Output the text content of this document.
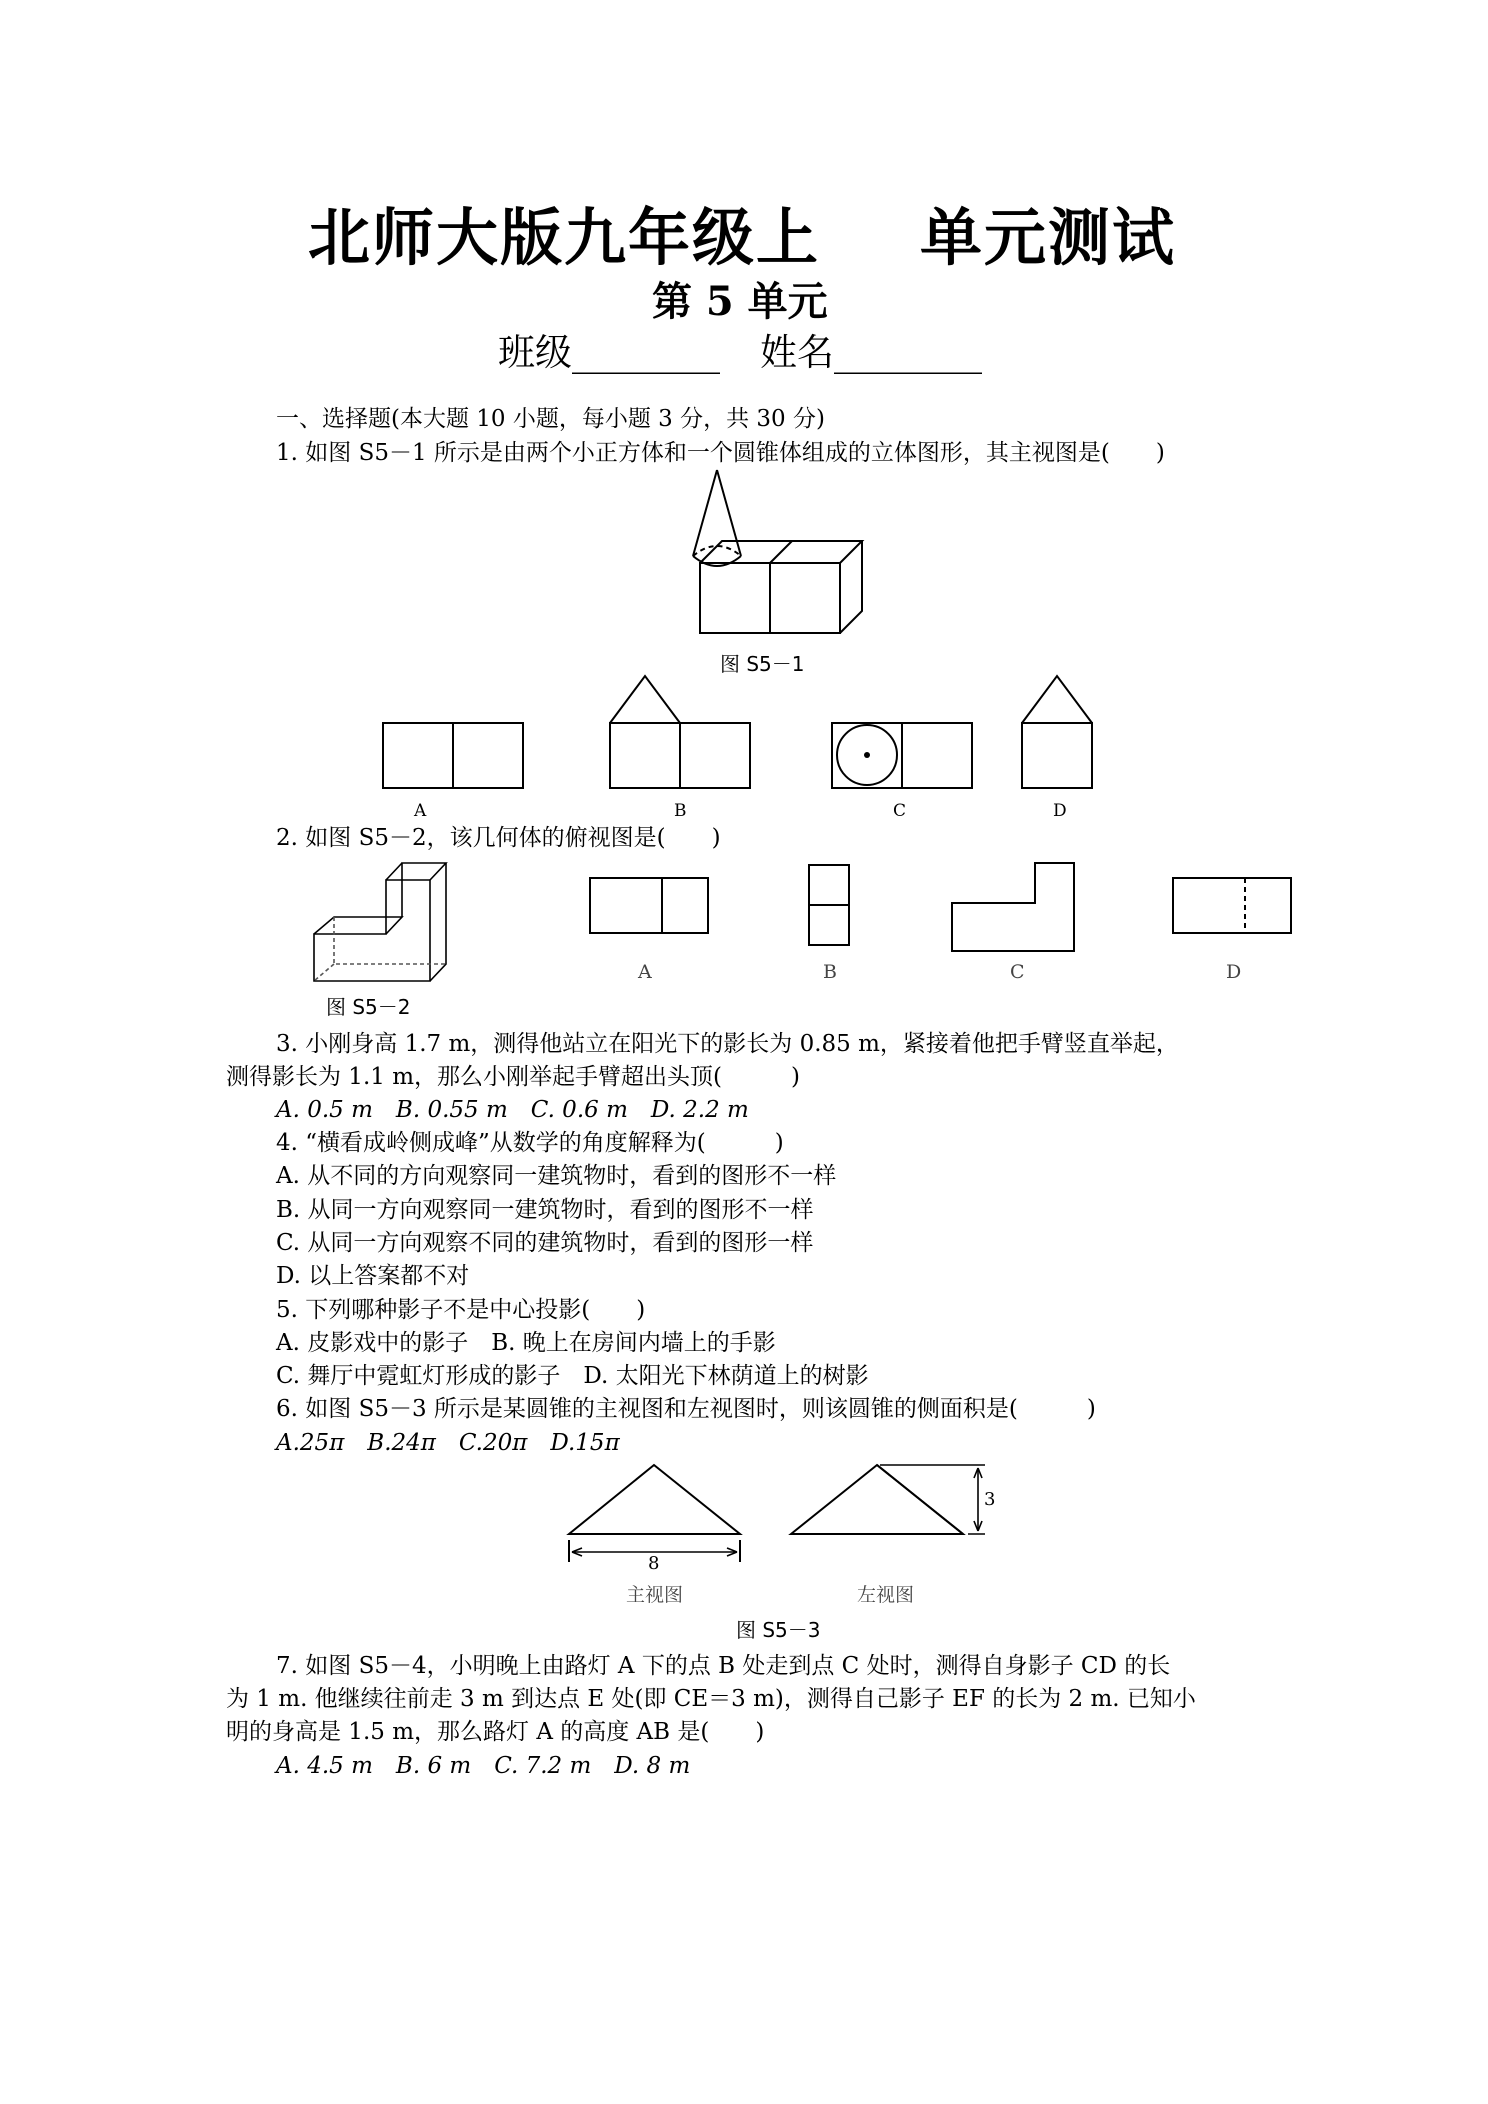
北师大版九年级上 单元测试
第 5 单元
班级________ 姓名________
一、选择题(本大题 10 小题，每小题 3 分，共 30 分)
1. 如图 S5－1 所示是由两个小正方体和一个圆锥体组成的立体图形，其主视图是(　　)
图 S5－1
A	B	C	D
2. 如图 S5－2，该几何体的俯视图是(　　)
图 S5－2
A	B	C	D
3. 小刚身高 1.7 m，测得他站立在阳光下的影长为 0.85 m，紧接着他把手臂竖直举起，
测得影长为 1.1 m，那么小刚举起手臂超出头顶(　　　)
A. 0.5 m　B. 0.55 m　C. 0.6 m　D. 2.2 m
4. “横看成岭侧成峰”从数学的角度解释为(　　　)
A. 从不同的方向观察同一建筑物时，看到的图形不一样
B. 从同一方向观察同一建筑物时，看到的图形不一样
C. 从同一方向观察不同的建筑物时，看到的图形一样
D. 以上答案都不对
5. 下列哪种影子不是中心投影(　　)
A. 皮影戏中的影子　B. 晚上在房间内墙上的手影
C. 舞厅中霓虹灯形成的影子　D. 太阳光下林荫道上的树影
6. 如图 S5－3 所示是某圆锥的主视图和左视图时，则该圆锥的侧面积是(　　　)
A.25π　B.24π　C.20π　D.15π
8
3
主视图	左视图
图 S5－3
7. 如图 S5－4，小明晚上由路灯 A 下的点 B 处走到点 C 处时，测得自身影子 CD 的长
为 1 m. 他继续往前走 3 m 到达点 E 处(即 CE＝3 m)，测得自己影子 EF 的长为 2 m. 已知小
明的身高是 1.5 m，那么路灯 A 的高度 AB 是(　　)
A. 4.5 m　B. 6 m　C. 7.2 m　D. 8 m
